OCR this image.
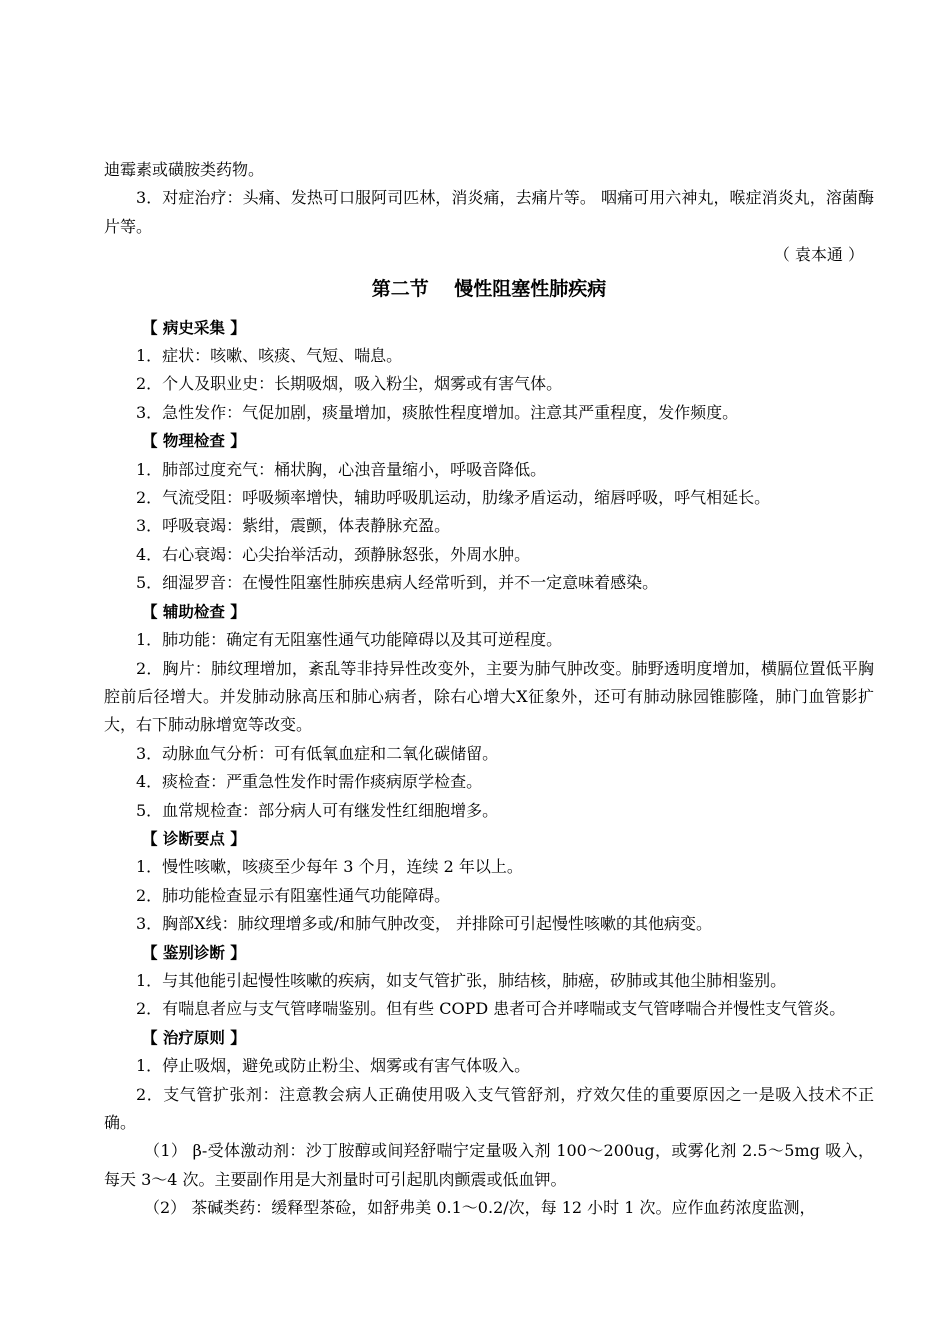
迪霉素或磺胺类药物。

3．对症治疗：头痛、发热可口服阿司匹林，消炎痛，去痛片等。 咽痛可用六神丸，喉症消炎丸，溶菌酶片等。

（ 袁本通 ）

第二节　 慢性阻塞性肺疾病

【 病史采集 】

1．症状：咳嗽、咳痰、气短、喘息。

2．个人及职业史：长期吸烟，吸入粉尘，烟雾或有害气体。

3．急性发作：气促加剧，痰量增加，痰脓性程度增加。注意其严重程度，发作频度。

【 物理检查 】

1．肺部过度充气：桶状胸，心浊音量缩小，呼吸音降低。

2．气流受阻：呼吸频率增快，辅助呼吸肌运动，肋缘矛盾运动，缩唇呼吸，呼气相延长。

3．呼吸衰竭：紫绀，震颤，体表静脉充盈。

4．右心衰竭：心尖抬举活动，颈静脉怒张，外周水肿。

5．细湿罗音：在慢性阻塞性肺疾患病人经常听到，并不一定意味着感染。

【 辅助检查 】

1．肺功能：确定有无阻塞性通气功能障碍以及其可逆程度。

2．胸片：肺纹理增加，紊乱等非持异性改变外，主要为肺气肿改变。肺野透明度增加，横膈位置低平胸腔前后径增大。并发肺动脉高压和肺心病者，除右心增大Ⅹ征象外，还可有肺动脉园锥膨隆，肺门血管影扩大，右下肺动脉增宽等改变。

3．动脉血气分析：可有低氧血症和二氧化碳储留。

4．痰检查：严重急性发作时需作痰病原学检查。

5．血常规检查：部分病人可有继发性红细胞增多。

【 诊断要点 】

1．慢性咳嗽，咳痰至少每年 3 个月，连续 2 年以上。

2．肺功能检查显示有阻塞性通气功能障碍。

3．胸部Ⅹ线：肺纹理增多或/和肺气肿改变， 并排除可引起慢性咳嗽的其他病变。

【 鉴别诊断 】

1．与其他能引起慢性咳嗽的疾病，如支气管扩张，肺结核，肺癌，矽肺或其他尘肺相鉴别。

2．有喘息者应与支气管哮喘鉴别。但有些 COPD 患者可合并哮喘或支气管哮喘合并慢性支气管炎。

【 治疗原则 】

1．停止吸烟，避免或防止粉尘、烟雾或有害气体吸入。

2．支气管扩张剂：注意教会病人正确使用吸入支气管舒剂，疗效欠佳的重要原因之一是吸入技术不正确。

（1） β-受体激动剂：沙丁胺醇或间羟舒喘宁定量吸入剂 100～200ug，或雾化剂 2.5～5mg 吸入，每天 3～4 次。主要副作用是大剂量时可引起肌肉颤震或低血钾。

（2） 茶碱类药：缓释型茶硷，如舒弗美 0.1～0.2/次，每 12 小时 1 次。应作血药浓度监测，
